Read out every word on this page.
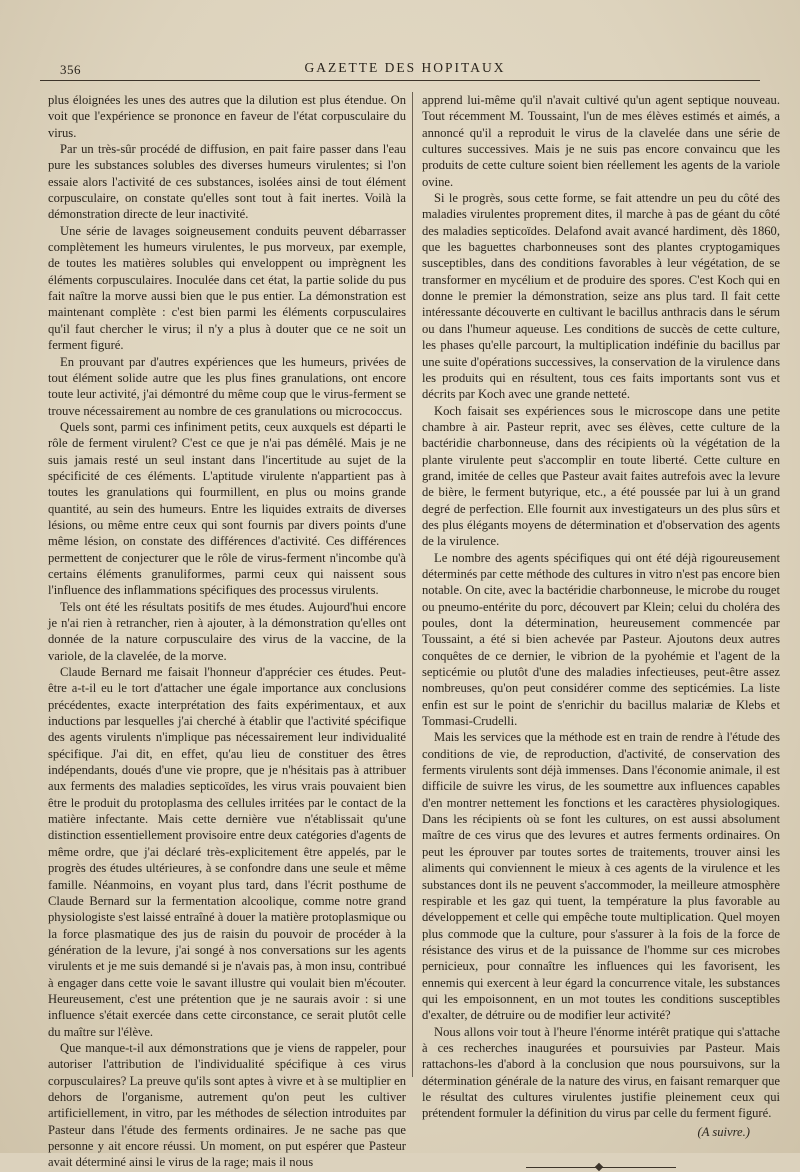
356	GAZETTE DES HOPITAUX

plus éloignées les unes des autres que la dilution est plus étendue. On voit que l'expérience se prononce en faveur de l'état corpusculaire du virus.

Par un très-sûr procédé de diffusion, en pait faire passer dans l'eau pure les substances solubles des diverses humeurs virulentes; si l'on essaie alors l'activité de ces substances, isolées ainsi de tout élément corpusculaire, on constate qu'elles sont tout à fait inertes. Voilà la démonstration directe de leur inactivité.

Une série de lavages soigneusement conduits peuvent débarrasser complètement les humeurs virulentes, le pus morveux, par exemple, de toutes les matières solubles qui enveloppent ou imprègnent les éléments corpusculaires. Inoculée dans cet état, la partie solide du pus fait naître la morve aussi bien que le pus entier. La démonstration est maintenant complète : c'est bien parmi les éléments corpusculaires qu'il faut chercher le virus; il n'y a plus à douter que ce ne soit un ferment figuré.

En prouvant par d'autres expériences que les humeurs, privées de tout élément solide autre que les plus fines granulations, ont encore toute leur activité, j'ai démontré du même coup que le virus-ferment se trouve nécessairement au nombre de ces granulations ou micrococcus.

Quels sont, parmi ces infiniment petits, ceux auxquels est départi le rôle de ferment virulent? C'est ce que je n'ai pas démêlé. Mais je ne suis jamais resté un seul instant dans l'incertitude au sujet de la spécificité de ces éléments. L'aptitude virulente n'appartient pas à toutes les granulations qui fourmillent, en plus ou moins grande quantité, au sein des humeurs. Entre les liquides extraits de diverses lésions, ou même entre ceux qui sont fournis par divers points d'une même lésion, on constate des différences d'activité. Ces différences permettent de conjecturer que le rôle de virus-ferment n'incombe qu'à certains éléments granuliformes, parmi ceux qui naissent sous l'influence des inflammations spécifiques des processus virulents.

Tels ont été les résultats positifs de mes études. Aujourd'hui encore je n'ai rien à retrancher, rien à ajouter, à la démonstration qu'elles ont donnée de la nature corpusculaire des virus de la vaccine, de la variole, de la clavelée, de la morve.

Claude Bernard me faisait l'honneur d'apprécier ces études. Peut-être a-t-il eu le tort d'attacher une égale importance aux conclusions précédentes, exacte interprétation des faits expérimentaux, et aux inductions par lesquelles j'ai cherché à établir que l'activité spécifique des agents virulents n'implique pas nécessairement leur individualité spécifique. J'ai dit, en effet, qu'au lieu de constituer des êtres indépendants, doués d'une vie propre, que je n'hésitais pas à attribuer aux ferments des maladies septicoïdes, les virus vrais pouvaient bien être le produit du protoplasma des cellules irritées par le contact de la matière infectante. Mais cette dernière vue n'établissait qu'une distinction essentiellement provisoire entre deux catégories d'agents de même ordre, que j'ai déclaré très-explicitement être appelés, par le progrès des études ultérieures, à se confondre dans une seule et même famille. Néanmoins, en voyant plus tard, dans l'écrit posthume de Claude Bernard sur la fermentation alcoolique, comme notre grand physiologiste s'est laissé entraîné à douer la matière protoplasmique ou la force plasmatique des jus de raisin du pouvoir de procéder à la génération de la levure, j'ai songé à nos conversations sur les agents virulents et je me suis demandé si je n'avais pas, à mon insu, contribué à engager dans cette voie le savant illustre qui voulait bien m'écouter. Heureusement, c'est une prétention que je ne saurais avoir : si une influence s'était exercée dans cette circonstance, ce serait plutôt celle du maître sur l'élève.

Que manque-t-il aux démonstrations que je viens de rappeler, pour autoriser l'attribution de l'individualité spécifique à ces virus corpusculaires? La preuve qu'ils sont aptes à vivre et à se multiplier en dehors de l'organisme, autrement qu'on peut les cultiver artificiellement, in vitro, par les méthodes de sélection introduites par Pasteur dans l'étude des ferments ordinaires. Je ne sache pas que personne y ait encore réussi. Un moment, on put espérer que Pasteur avait déterminé ainsi le virus de la rage; mais il nous

apprend lui-même qu'il n'avait cultivé qu'un agent septique nouveau. Tout récemment M. Toussaint, l'un de mes élèves estimés et aimés, a annoncé qu'il a reproduit le virus de la clavelée dans une série de cultures successives. Mais je ne suis pas encore convaincu que les produits de cette culture soient bien réellement les agents de la variole ovine.

Si le progrès, sous cette forme, se fait attendre un peu du côté des maladies virulentes proprement dites, il marche à pas de géant du côté des maladies septicoïdes. Delafond avait avancé hardiment, dès 1860, que les baguettes charbonneuses sont des plantes cryptogamiques susceptibles, dans des conditions favorables à leur végétation, de se transformer en mycélium et de produire des spores. C'est Koch qui en donne le premier la démonstration, seize ans plus tard. Il fait cette intéressante découverte en cultivant le bacillus anthracis dans le sérum ou dans l'humeur aqueuse. Les conditions de succès de cette culture, les phases qu'elle parcourt, la multiplication indéfinie du bacillus par une suite d'opérations successives, la conservation de la virulence dans les produits qui en résultent, tous ces faits importants sont vus et décrits par Koch avec une grande netteté.

Koch faisait ses expériences sous le microscope dans une petite chambre à air. Pasteur reprit, avec ses élèves, cette culture de la bactéridie charbonneuse, dans des récipients où la végétation de la plante virulente peut s'accomplir en toute liberté. Cette culture en grand, imitée de celles que Pasteur avait faites autrefois avec la levure de bière, le ferment butyrique, etc., a été poussée par lui à un grand degré de perfection. Elle fournit aux investigateurs un des plus sûrs et des plus élégants moyens de détermination et d'observation des agents de la virulence.

Le nombre des agents spécifiques qui ont été déjà rigoureusement déterminés par cette méthode des cultures in vitro n'est pas encore bien notable. On cite, avec la bactéridie charbonneuse, le microbe du rouget ou pneumo-entérite du porc, découvert par Klein; celui du choléra des poules, dont la détermination, heureusement commencée par Toussaint, a été si bien achevée par Pasteur. Ajoutons deux autres conquêtes de ce dernier, le vibrion de la pyohémie et l'agent de la septicémie ou plutôt d'une des maladies infectieuses, peut-être assez nombreuses, qu'on peut considérer comme des septicémies. La liste enfin est sur le point de s'enrichir du bacillus malariæ de Klebs et Tommasi-Crudelli.

Mais les services que la méthode est en train de rendre à l'étude des conditions de vie, de reproduction, d'activité, de conservation des ferments virulents sont déjà immenses. Dans l'économie animale, il est difficile de suivre les virus, de les soumettre aux influences capables d'en montrer nettement les fonctions et les caractères physiologiques. Dans les récipients où se font les cultures, on est aussi absolument maître de ces virus que des levures et autres ferments ordinaires. On peut les éprouver par toutes sortes de traitements, trouver ainsi les aliments qui conviennent le mieux à ces agents de la virulence et les substances dont ils ne peuvent s'accommoder, la meilleure atmosphère respirable et les gaz qui tuent, la température la plus favorable au développement et celle qui empêche toute multiplication. Quel moyen plus commode que la culture, pour s'assurer à la fois de la force de résistance des virus et de la puissance de l'homme sur ces microbes pernicieux, pour connaître les influences qui les favorisent, les ennemis qui exercent à leur égard la concurrence vitale, les substances qui les empoisonnent, en un mot toutes les conditions susceptibles d'exalter, de détruire ou de modifier leur activité?

Nous allons voir tout à l'heure l'énorme intérêt pratique qui s'attache à ces recherches inaugurées et poursuivies par Pasteur. Mais rattachons-les d'abord à la conclusion que nous poursuivons, sur la détermination générale de la nature des virus, en faisant remarquer que le résultat des cultures virulentes justifie pleinement ceux qui prétendent formuler la définition du virus par celle du ferment figuré.

(A suivre.)
